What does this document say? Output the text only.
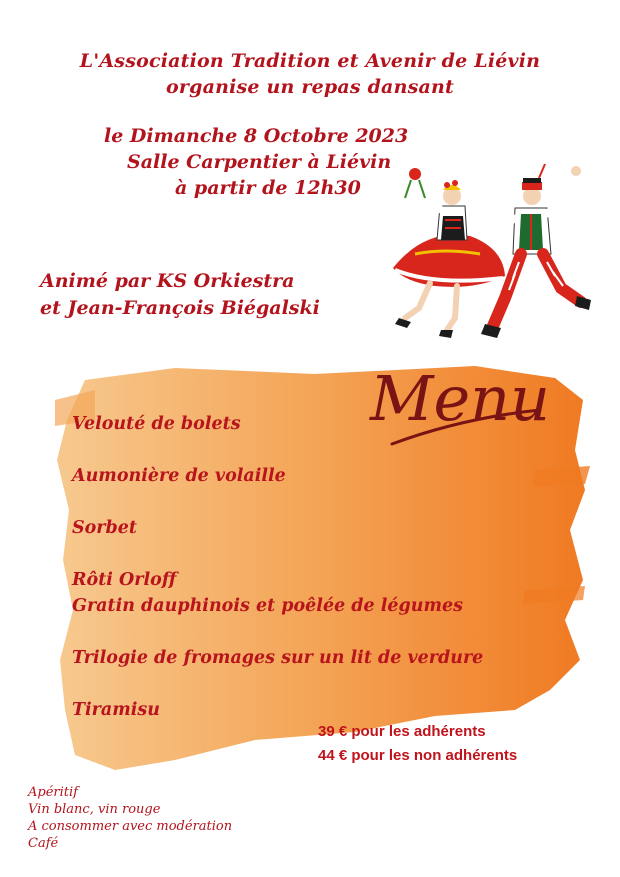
L'Association Tradition et Avenir de Liévin
organise un repas dansant
le Dimanche 8 Octobre 2023
Salle Carpentier à Liévin
à partir de 12h30
Animé par KS Orkiestra
et Jean-François Biégalski
Menu
Velouté de bolets
Aumonière de volaille
Sorbet
Rôti Orloff
Gratin dauphinois et poêlée de légumes
Trilogie de fromages sur un lit de verdure
Tiramisu
39 € pour les adhérents
44 € pour les non adhérents
Apéritif
Vin blanc, vin rouge
A consommer avec modération
Café
